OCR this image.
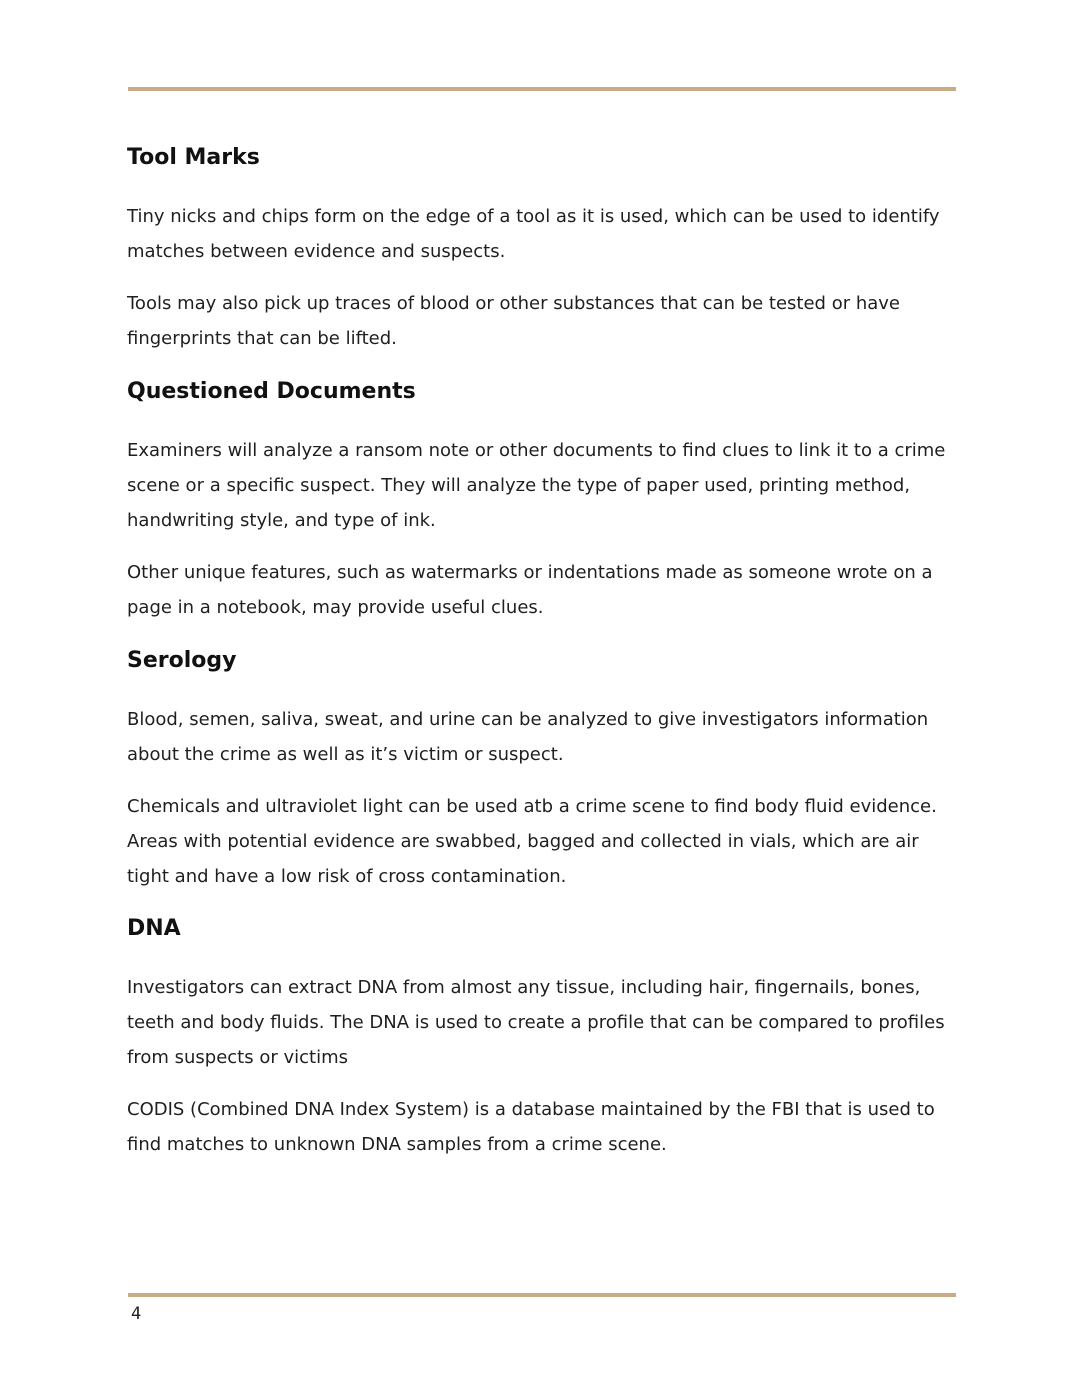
Tool Marks

Tiny nicks and chips form on the edge of a tool as it is used, which can be used to identify matches between evidence and suspects.

Tools may also pick up traces of blood or other substances that can be tested or have fingerprints that can be lifted.

Questioned Documents

Examiners will analyze a ransom note or other documents to find clues to link it to a crime scene or a specific suspect. They will analyze the type of paper used, printing method, handwriting style, and type of ink.

Other unique features, such as watermarks or indentations made as someone wrote on a page in a notebook, may provide useful clues.

Serology

Blood, semen, saliva, sweat, and urine can be analyzed to give investigators information about the crime as well as it’s victim or suspect.

Chemicals and ultraviolet light can be used atb a crime scene to find body fluid evidence. Areas with potential evidence are swabbed, bagged and collected in vials, which are air tight and have a low risk of cross contamination.

DNA

Investigators can extract DNA from almost any tissue, including hair, fingernails, bones, teeth and body fluids. The DNA is used to create a profile that can be compared to profiles from suspects or victims

CODIS (Combined DNA Index System) is a database maintained by the FBI that is used to find matches to unknown DNA samples from a crime scene.

4
